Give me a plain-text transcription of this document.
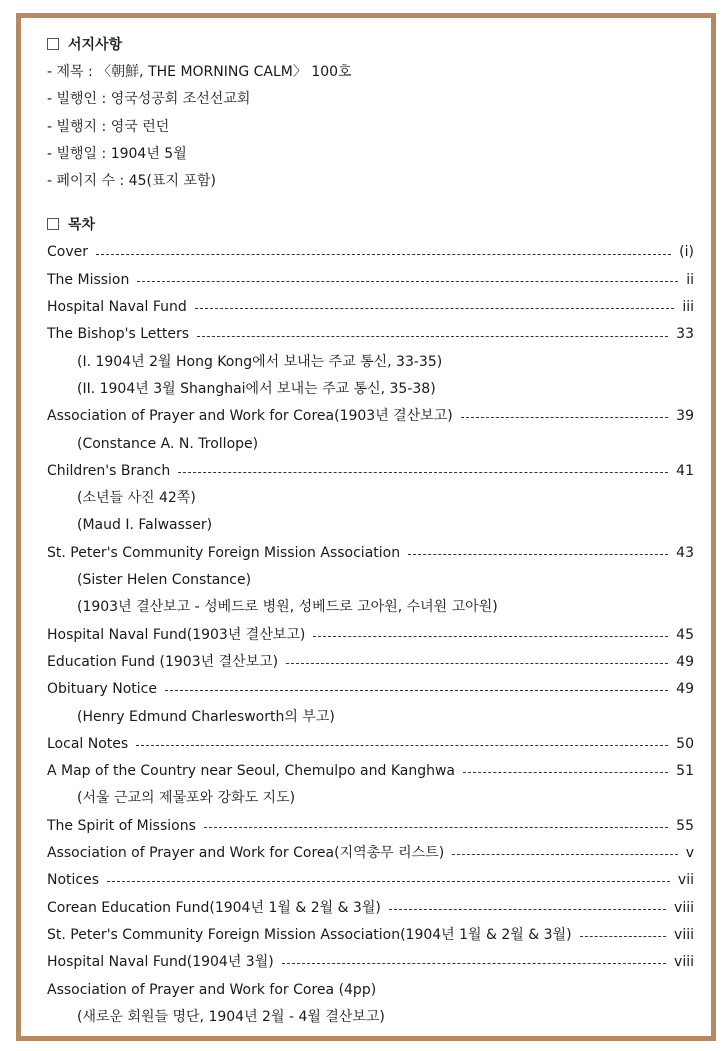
서지사항
- 제목 : 〈朝鮮, THE MORNING CALM〉 100호
- 빌행인 : 영국성공회 조선선교회
- 빌행지 : 영국 런던
- 빌행일 : 1904년 5월
- 페이지 수 : 45(표지 포함)
목차
Cover	(i)
The Mission	ii
Hospital Naval Fund	iii
The Bishop's Letters	33
(I. 1904년 2월 Hong Kong에서 보내는 주교 통신, 33-35)
(II. 1904년 3월 Shanghai에서 보내는 주교 통신, 35-38)
Association of Prayer and Work for Corea(1903년 결산보고)	39
(Constance A. N. Trollope)
Children's Branch	41
(소년들 사진 42쪽)
(Maud I. Falwasser)
St. Peter's Community Foreign Mission Association	43
(Sister Helen Constance)
(1903년 결산보고 - 성베드로 병원, 성베드로 고아원, 수녀원 고아원)
Hospital Naval Fund(1903년 결산보고)	45
Education Fund (1903년 결산보고)	49
Obituary Notice	49
(Henry Edmund Charlesworth의 부고)
Local Notes	50
A Map of the Country near Seoul, Chemulpo and Kanghwa	51
(서울 근교의 제물포와 강화도 지도)
The Spirit of Missions	55
Association of Prayer and Work for Corea(지역총무 리스트)	v
Notices	vii
Corean Education Fund(1904년 1월 & 2월 & 3월)	viii
St. Peter's Community Foreign Mission Association(1904년 1월 & 2월 & 3월)	viii
Hospital Naval Fund(1904년 3월)	viii
Association of Prayer and Work for Corea (4pp)
(새로운 회원들 명단, 1904년 2월 - 4월 결산보고)
